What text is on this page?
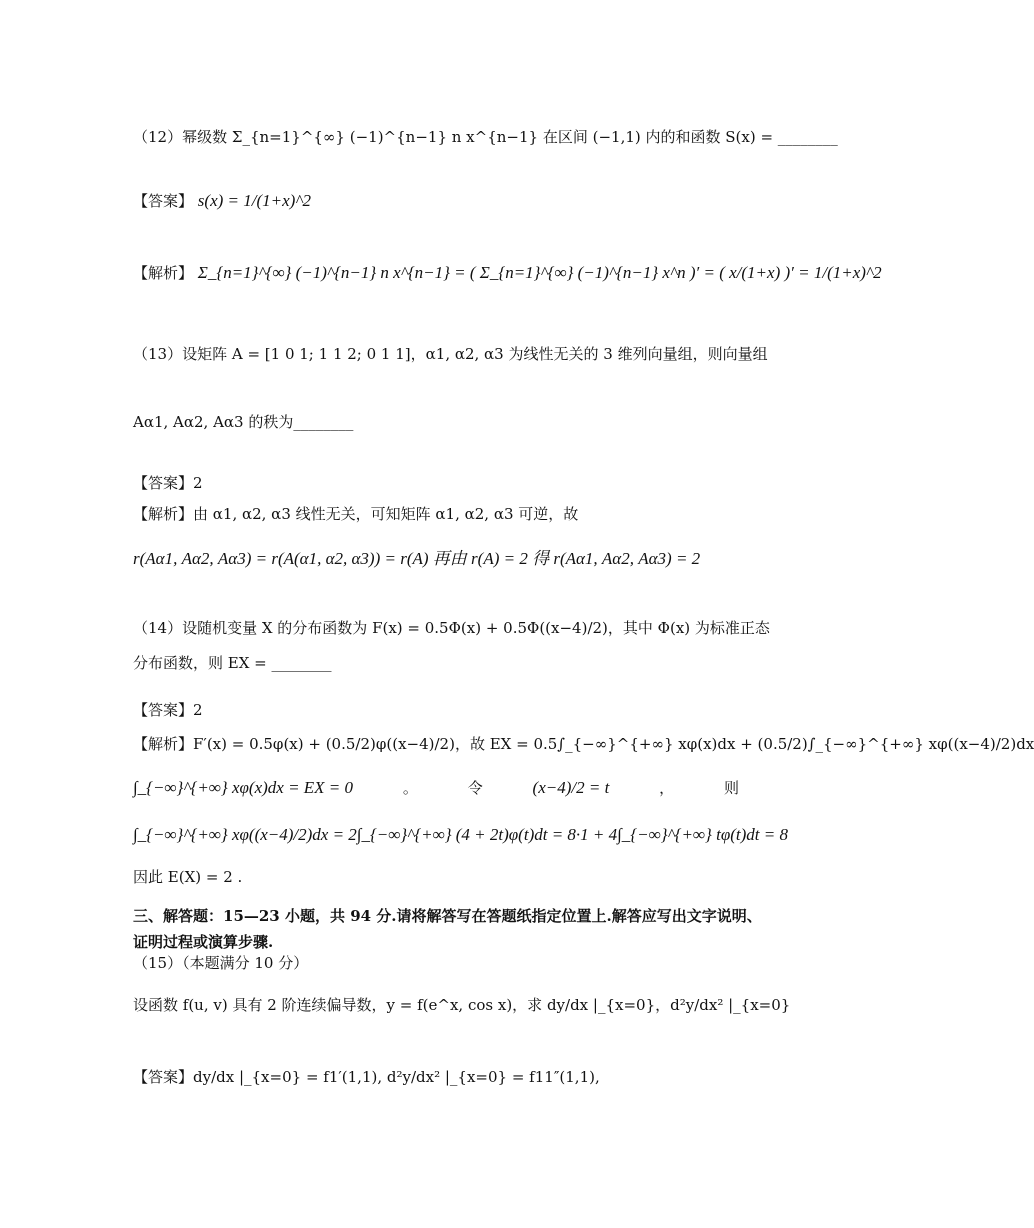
（12）幂级数 Σ_{n=1}^{∞} (−1)^{n−1} n x^{n−1} 在区间 (−1,1) 内的和函数 S(x) = ________
【答案】 s(x) = 1/(1+x)^2
【解析】 Σ_{n=1}^{∞} (−1)^{n−1} n x^{n−1} = ( Σ_{n=1}^{∞} (−1)^{n−1} x^n )′ = ( x/(1+x) )′ = 1/(1+x)^2
（13）设矩阵 A = [1 0 1; 1 1 2; 0 1 1]，α1, α2, α3 为线性无关的 3 维列向量组，则向量组
Aα1, Aα2, Aα3 的秩为________
【答案】2
【解析】由 α1, α2, α3 线性无关，可知矩阵 α1, α2, α3 可逆，故
r(Aα1, Aα2, Aα3) = r(A(α1, α2, α3)) = r(A) 再由 r(A) = 2 得 r(Aα1, Aα2, Aα3) = 2
（14）设随机变量 X 的分布函数为 F(x) = 0.5Φ(x) + 0.5Φ((x−4)/2)，其中 Φ(x) 为标准正态
分布函数，则 EX = ________
【答案】2
【解析】F′(x) = 0.5φ(x) + (0.5/2)φ((x−4)/2)，故 EX = 0.5∫_{−∞}^{+∞} xφ(x)dx + (0.5/2)∫_{−∞}^{+∞} xφ((x−4)/2)dx
∫_{−∞}^{+∞} xφ(x)dx = EX = 0	。	令	(x−4)/2 = t	，	则
∫_{−∞}^{+∞} xφ((x−4)/2)dx = 2∫_{−∞}^{+∞} (4 + 2t)φ(t)dt = 8·1 + 4∫_{−∞}^{+∞} tφ(t)dt = 8
因此 E(X) = 2 .
三、解答题：15—23 小题，共 94 分.请将解答写在答题纸指定位置上.解答应写出文字说明、
证明过程或演算步骤.
（15）（本题满分 10 分）
设函数 f(u, v) 具有 2 阶连续偏导数，y = f(e^x, cos x)，求 dy/dx |_{x=0}，d²y/dx² |_{x=0}
【答案】dy/dx |_{x=0} = f1′(1,1), d²y/dx² |_{x=0} = f11″(1,1),
